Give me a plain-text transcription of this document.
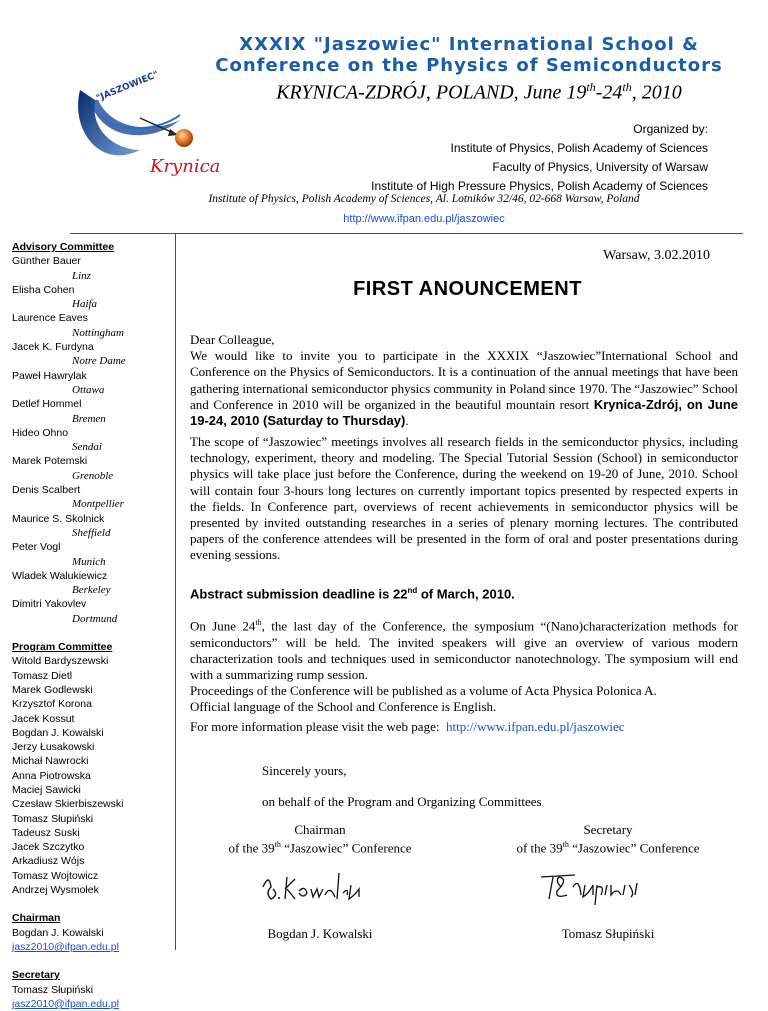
"JASZOWIEC"
Krynica
XXXIX "Jaszowiec" International School &
Conference on the Physics of Semiconductors
KRYNICA-ZDRÓJ, POLAND, June 19th-24th, 2010
Organized by:
Institute of Physics, Polish Academy of Sciences
Faculty of Physics, University of Warsaw
Institute of High Pressure Physics, Polish Academy of Sciences
Institute of Physics, Polish Academy of Sciences, Al. Lotników 32/46, 02-668 Warsaw, Poland
http://www.ifpan.edu.pl/jaszowiec
Advisory Committee
Günther Bauer
Linz
Elisha Cohen
Haifa
Laurence Eaves
Nottingham
Jacek K. Furdyna
Notre Dame
Paweł Hawrylak
Ottawa
Detlef Hommel
Bremen
Hideo Ohno
Sendai
Marek Potemski
Grenoble
Denis Scalbert
Montpellier
Maurice S. Skolnick
Sheffield
Peter Vogl
Munich
Wladek Walukiewicz
Berkeley
Dimitri Yakovlev
Dortmund
Program Committee
Witold Bardyszewski
Tomasz Dietl
Marek Godlewski
Krzysztof Korona
Jacek Kossut
Bogdan J. Kowalski
Jerzy Łusakowski
Michał Nawrocki
Anna Piotrowska
Maciej Sawicki
Czesław Skierbiszewski
Tomasz Słupiński
Tadeusz Suski
Jacek Szczytko
Arkadiusz Wójs
Tomasz Wojtowicz
Andrzej Wysmołek
Chairman
Bogdan J. Kowalski
jasz2010@ifpan.edu.pl
Secretary
Tomasz Słupiński
jasz2010@ifpan.edu.pl
Warsaw, 3.02.2010
FIRST ANOUNCEMENT
Dear Colleague,
We would like to invite you to participate in the XXXIX “Jaszowiec”International School and Conference on the Physics of Semiconductors. It is a continuation of the annual meetings that have been gathering international semiconductor physics community in Poland since 1970. The “Jaszowiec” School and Conference in 2010 will be organized in the beautiful mountain resort Krynica-Zdrój, on June 19-24, 2010 (Saturday to Thursday).
The scope of “Jaszowiec” meetings involves all research fields in the semiconductor physics, including technology, experiment, theory and modeling. The Special Tutorial Session (School) in semiconductor physics will take place just before the Conference, during the weekend on 19-20 of June, 2010. School will contain four 3-hours long lectures on currently important topics presented by respected experts in the fields. In Conference part, overviews of recent achievements in semiconductor physics will be presented by invited outstanding researches in a series of plenary morning lectures. The contributed papers of the conference attendees will be presented in the form of oral and poster presentations during evening sessions.
Abstract submission deadline is 22nd of March, 2010.
On June 24th, the last day of the Conference, the symposium “(Nano)characterization methods for semiconductors” will be held. The invited speakers will give an overview of various modern characterization tools and techniques used in semiconductor nanotechnology. The symposium will end with a summarizing rump session.
Proceedings of the Conference will be published as a volume of Acta Physica Polonica A.
Official language of the School and Conference is English.
For more information please visit the web page: http://www.ifpan.edu.pl/jaszowiec
Sincerely yours,
on behalf of the Program and Organizing Committees
Chairman
of the 39th “Jaszowiec” Conference
Secretary
of the 39th “Jaszowiec” Conference
Bogdan J. Kowalski	Tomasz Słupiński
